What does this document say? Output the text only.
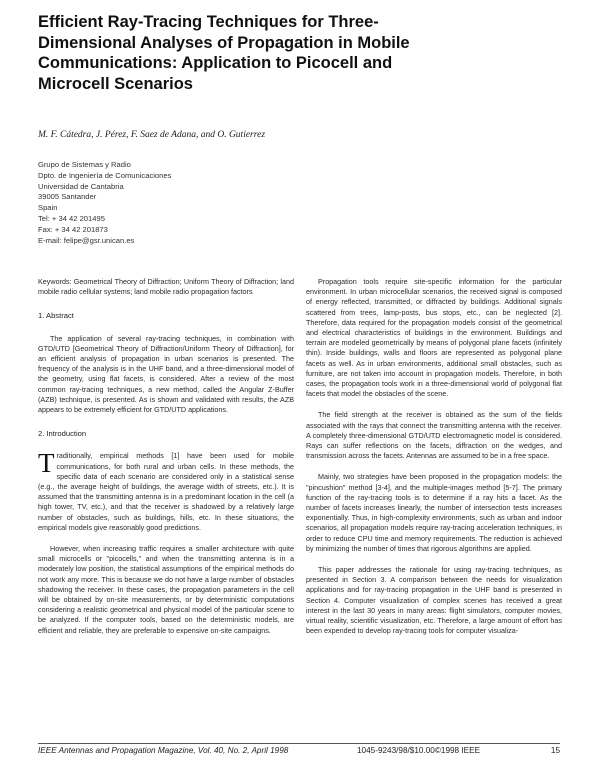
Efficient Ray-Tracing Techniques for Three-Dimensional Analyses of Propagation in Mobile Communications: Application to Picocell and Microcell Scenarios
M. F. Cátedra, J. Pérez, F. Saez de Adana, and O. Gutierrez
Grupo de Sistemas y Radio
Dpto. de Ingeniería de Comunicaciones
Universidad de Cantabria
39005 Santander
Spain
Tel: + 34 42 201495
Fax: + 34 42 201873
E-mail: felipe@gsr.unican.es

Keywords: Geometrical Theory of Diffraction; Uniform Theory of Diffraction; land mobile radio cellular systems; land mobile radio propagation factors

1. Abstract

The application of several ray-tracing techniques, in combination with GTD/UTD [Geometrical Theory of Diffraction/Uniform Theory of Diffraction], for an efficient analysis of propagation in urban scenarios is presented. The frequency of the analysis is in the UHF band, and a three-dimensional model of the geometry, using flat facets, is considered. After a review of the most common ray-tracing techniques, a new method, called the Angular Z-Buffer (AZB) technique, is presented. As is shown and validated with results, the AZB appears to be extremely efficient for GTD/UTD applications.

2. Introduction

Traditionally, empirical methods [1] have been used for mobile communications, for both rural and urban cells. In these methods, the specific data of each scenario are considered only in a statistical sense (e.g., the average height of buildings, the average width of streets, etc.). It is assumed that the transmitting antenna is in a predominant location in the cell (a high tower, TV, etc.), and that the receiver is shadowed by a relatively large number of obstacles, such as buildings, hills, etc. In these situations, the empirical models give reasonably good predictions.

However, when increasing traffic requires a smaller architecture with quite small microcells or "picocells," and when the transmitting antenna is in a moderately low position, the statistical assumptions of the empirical methods do not work any more. This is because we do not have a large number of obstacles shadowing the receiver. In these cases, the propagation parameters in the cell will be obtained by on-site measurements, or by deterministic computations considering a realistic geometrical and physical model of the particular scene to be analyzed. If the computer tools, based on the deterministic models, are efficient and reliable, they are preferable to expensive on-site campaigns.

Propagation tools require site-specific information for the particular environment. In urban microcellular scenarios, the received signal is composed of energy reflected, transmitted, or diffracted by buildings. Additional signals scattered from trees, lamp-posts, bus stops, etc., can be neglected [2]. Therefore, data required for the propagation models consist of the geometrical and electrical characteristics of buildings in the environment. Buildings and terrain are modeled geometrically by means of polygonal plane facets (infinitely thin). Inside buildings, walls and floors are represented as polygonal plane facets as well. As in urban environments, additional small obstacles, such as furniture, are not taken into account in propagation models. Therefore, in both cases, the propagation tools work in a three-dimensional world of polygonal flat facets that model the obstacles of the scene.

The field strength at the receiver is obtained as the sum of the fields associated with the rays that connect the transmitting antenna with the receiver. A completely three-dimensional GTD/UTD electromagnetic model is considered. Rays can suffer reflections on the facets, diffraction on the wedges, and transmission across the facets. Antennas are assumed to be in a free space.

Mainly, two strategies have been proposed in the propagation models: the "pincushion" method [3-4], and the multiple-images method [5-7]. The primary function of the ray-tracing tools is to determine if a ray hits a facet. As the number of facets increases linearly, the number of intersection tests increases exponentially. Thus, in high-complexity environments, such as urban and indoor scenarios, all propagation models require ray-tracing acceleration techniques, in order to reduce CPU time and memory requirements. The reduction is achieved by minimizing the number of times that rigorous algorithms are applied.

This paper addresses the rationale for using ray-tracing techniques, as presented in Section 3. A comparison between the needs for visualization applications and for ray-tracing propagation in the UHF band is presented in Section 4. Computer visualization of complex scenes has received a great interest in the last 30 years in many areas: flight simulators, computer movies, virtual reality, scientific visualization, etc. Therefore, a large amount of effort has been expended to develop ray-tracing tools for computer visualiza-

IEEE Antennas and Propagation Magazine, Vol. 40, No. 2, April 1998	1045-9243/98/$10.00©1998 IEEE	15
